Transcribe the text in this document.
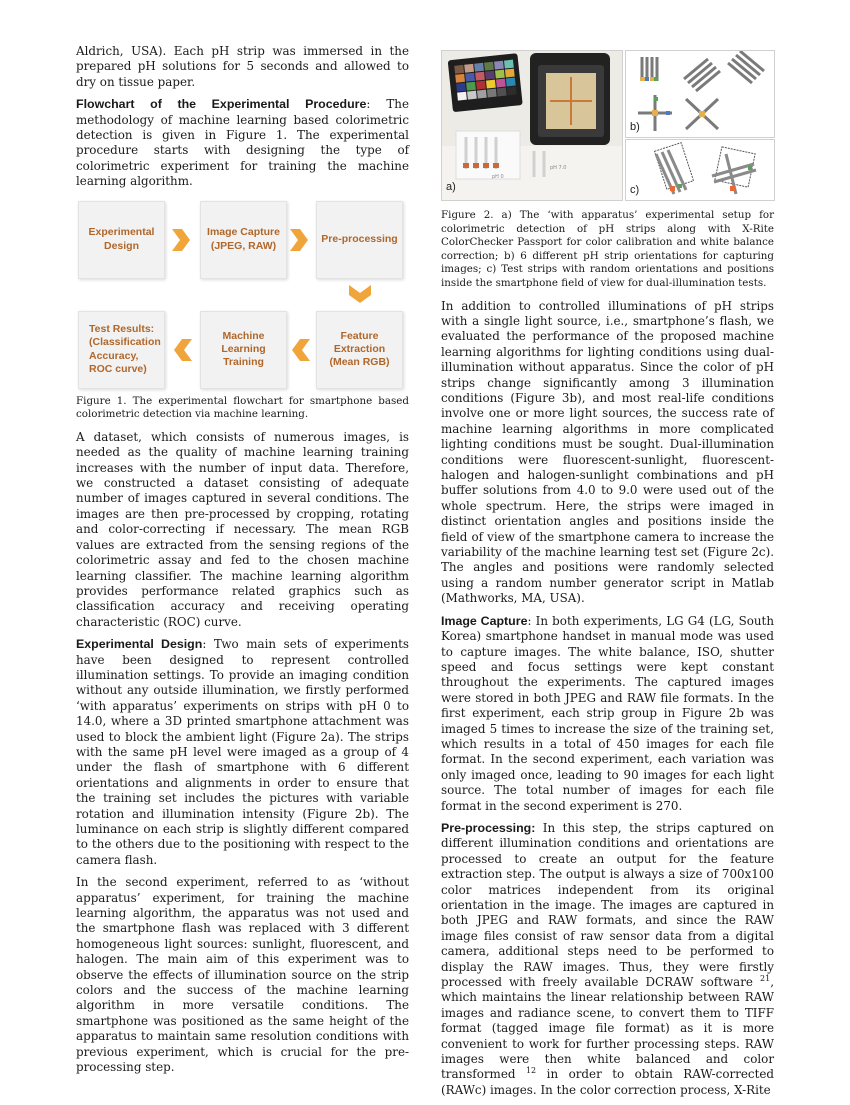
Aldrich, USA). Each pH strip was immersed in the prepared pH solutions for 5 seconds and allowed to dry on tissue paper.

Flowchart of the Experimental Procedure: The methodology of machine learning based colorimetric detection is given in Figure 1. The experimental procedure starts with designing the type of colorimetric experiment for training the machine learning algorithm.

Experimental
Design
Image Capture
(JPEG, RAW)
Pre-processing
Feature
Extraction
(Mean RGB)
Machine
Learning
Training
Test Results:
(Classification
Accuracy,
ROC curve)

Figure 1. The experimental flowchart for smartphone based colorimetric detection via machine learning.

A dataset, which consists of numerous images, is needed as the quality of machine learning training increases with the number of input data. Therefore, we constructed a dataset consisting of adequate number of images captured in several conditions. The images are then pre-processed by cropping, rotating and color-correcting if necessary. The mean RGB values are extracted from the sensing regions of the colorimetric assay and fed to the chosen machine learning classifier. The machine learning algorithm provides performance related graphics such as classification accuracy and receiving operating characteristic (ROC) curve.

Experimental Design: Two main sets of experiments have been designed to represent controlled illumination settings. To provide an imaging condition without any outside illumination, we firstly performed ‘with apparatus’ experiments on strips with pH 0 to 14.0, where a 3D printed smartphone attachment was used to block the ambient light (Figure 2a). The strips with the same pH level were imaged as a group of 4 under the flash of smartphone with 6 different orientations and alignments in order to ensure that the training set includes the pictures with variable rotation and illumination intensity (Figure 2b). The luminance on each strip is slightly different compared to the others due to the positioning with respect to the camera flash.

In the second experiment, referred to as ‘without apparatus’ experiment, for training the machine learning algorithm, the apparatus was not used and the smartphone flash was replaced with 3 different homogeneous light sources: sunlight, fluorescent, and halogen. The main aim of this experiment was to observe the effects of illumination source on the strip colors and the success of the machine learning algorithm in more versatile conditions. The smartphone was positioned as the same height of the apparatus to maintain same resolution conditions with previous experiment, which is crucial for the pre-processing step.

pH 0
pH 7.0
a)
b)
c)

Figure 2. a) The ‘with apparatus’ experimental setup for colorimetric detection of pH strips along with X-Rite ColorChecker Passport for color calibration and white balance correction; b) 6 different pH strip orientations for capturing images; c) Test strips with random orientations and positions inside the smartphone field of view for dual-illumination tests.

In addition to controlled illuminations of pH strips with a single light source, i.e., smartphone’s flash, we evaluated the performance of the proposed machine learning algorithms for lighting conditions using dual-illumination without apparatus. Since the color of pH strips change significantly among 3 illumination conditions (Figure 3b), and most real-life conditions involve one or more light sources, the success rate of machine learning algorithms in more complicated lighting conditions must be sought. Dual-illumination conditions were fluorescent-sunlight, fluorescent-halogen and halogen-sunlight combinations and pH buffer solutions from 4.0 to 9.0 were used out of the whole spectrum. Here, the strips were imaged in distinct orientation angles and positions inside the field of view of the smartphone camera to increase the variability of the machine learning test set (Figure 2c). The angles and positions were randomly selected using a random number generator script in Matlab (Mathworks, MA, USA).

Image Capture: In both experiments, LG G4 (LG, South Korea) smartphone handset in manual mode was used to capture images. The white balance, ISO, shutter speed and focus settings were kept constant throughout the experiments. The captured images were stored in both JPEG and RAW file formats. In the first experiment, each strip group in Figure 2b was imaged 5 times to increase the size of the training set, which results in a total of 450 images for each file format. In the second experiment, each variation was only imaged once, leading to 90 images for each light source. The total number of images for each file format in the second experiment is 270.

Pre-processing: In this step, the strips captured on different illumination conditions and orientations are processed to create an output for the feature extraction step. The output is always a size of 700x100 color matrices independent from its original orientation in the image. The images are captured in both JPEG and RAW formats, and since the RAW image files consist of raw sensor data from a digital camera, additional steps need to be performed to display the RAW images. Thus, they were firstly processed with freely available DCRAW software $^{21}$, which maintains the linear relationship between RAW images and radiance scene, to convert them to TIFF format (tagged image file format) as it is more convenient to work for further processing steps. RAW images were then white balanced and color transformed $^{12}$ in order to obtain RAW-corrected (RAWc) images. In the color correction process, X-Rite
